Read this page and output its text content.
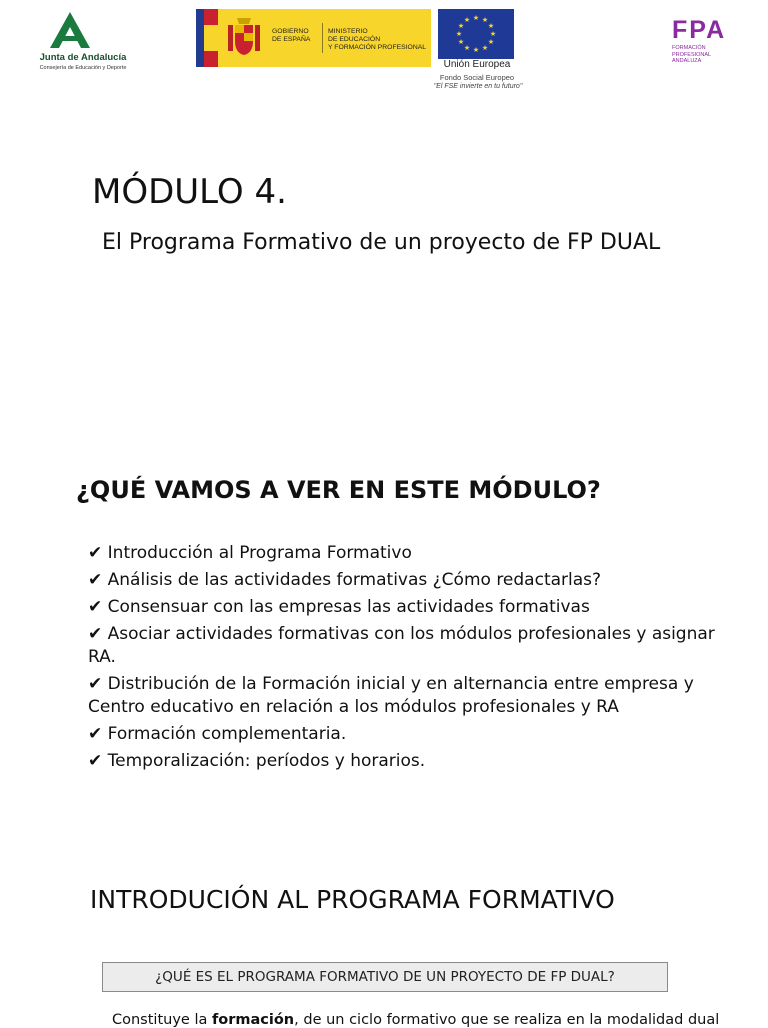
Junta de Andalucía
Consejería de Educación y Deporte
GOBIERNO
DE ESPAÑA
MINISTERIO
DE EDUCACIÓN
Y FORMACIÓN PROFESIONAL
★ ★
★
★
★
★
★
★
★
★
★
★
Unión Europea
Fondo Social Europeo
"El FSE invierte en tu futuro"
FPA
FORMACIÓN
PROFESIONAL
ANDALUZA
MÓDULO 4.
El Programa Formativo de un proyecto de FP DUAL
¿QUÉ VAMOS A VER EN ESTE MÓDULO?
✔ Introducción al Programa Formativo
✔ Análisis de las actividades formativas ¿Cómo redactarlas?
✔ Consensuar con las empresas las actividades formativas
✔ Asociar actividades formativas con los módulos profesionales y asignar RA.
✔ Distribución de la Formación inicial y en alternancia entre empresa y Centro educativo en relación a los módulos profesionales y RA
✔ Formación complementaria.
✔ Temporalización: períodos y horarios.
INTRODUCIÓN AL PROGRAMA FORMATIVO
¿QUÉ ES EL PROGRAMA FORMATIVO DE UN PROYECTO DE FP DUAL?
Constituye la formación, de un ciclo formativo que se realiza en la modalidad dual
